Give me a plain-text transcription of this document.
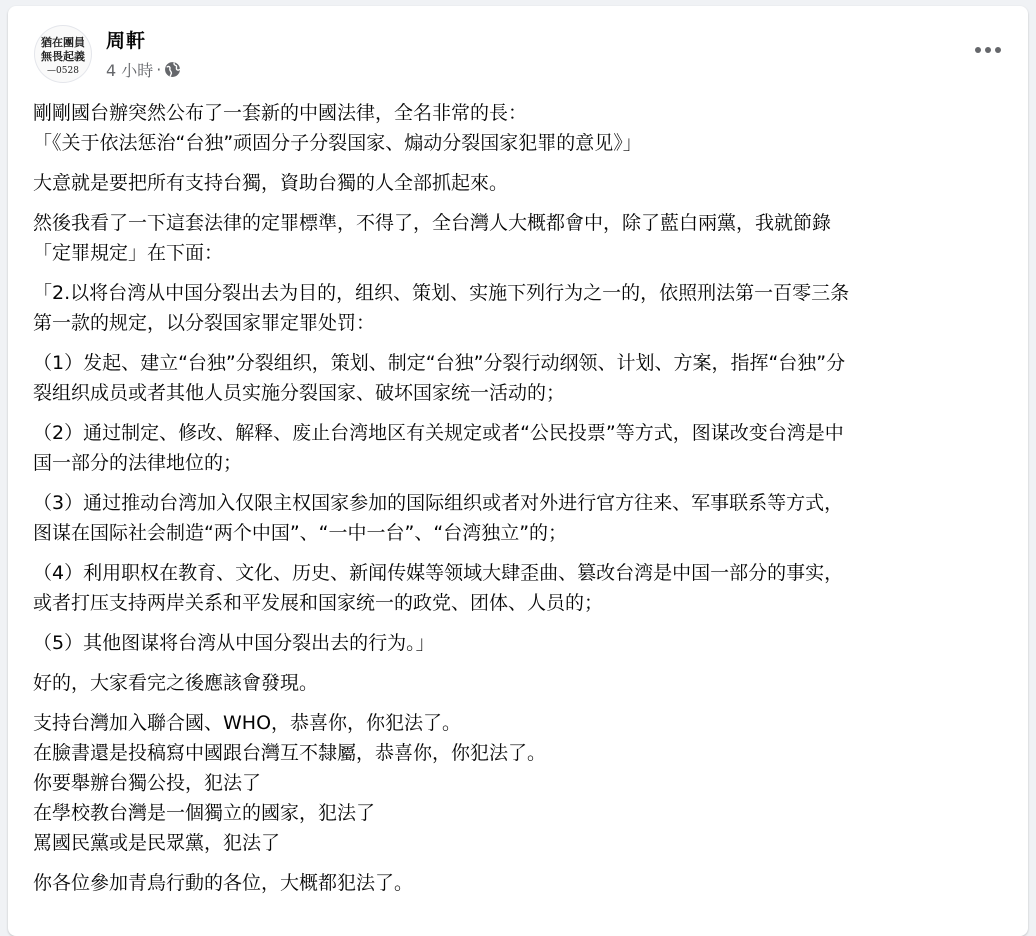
猶在團員
無畏起義
—0528
周軒
4 小時 ·
剛剛國台辦突然公布了一套新的中國法律，全名非常的長：
「《关于依法惩治“台独”顽固分子分裂国家、煽动分裂国家犯罪的意见》」
大意就是要把所有支持台獨，資助台獨的人全部抓起來。
然後我看了一下這套法律的定罪標準，不得了，全台灣人大概都會中，除了藍白兩黨，我就節錄
「定罪規定」在下面：
「2.以将台湾从中国分裂出去为目的，组织、策划、实施下列行为之一的，依照刑法第一百零三条
第一款的规定，以分裂国家罪定罪处罚：
（1）发起、建立“台独”分裂组织，策划、制定“台独”分裂行动纲领、计划、方案，指挥“台独”分
裂组织成员或者其他人员实施分裂国家、破坏国家统一活动的；
（2）通过制定、修改、解释、废止台湾地区有关规定或者“公民投票”等方式，图谋改变台湾是中
国一部分的法律地位的；
（3）通过推动台湾加入仅限主权国家参加的国际组织或者对外进行官方往来、军事联系等方式，
图谋在国际社会制造“两个中国”、“一中一台”、“台湾独立”的；
（4）利用职权在教育、文化、历史、新闻传媒等领域大肆歪曲、篡改台湾是中国一部分的事实，
或者打压支持两岸关系和平发展和国家统一的政党、团体、人员的；
（5）其他图谋将台湾从中国分裂出去的行为。」
好的，大家看完之後應該會發現。
支持台灣加入聯合國、WHO，恭喜你，你犯法了。
在臉書還是投稿寫中國跟台灣互不隸屬，恭喜你，你犯法了。
你要舉辦台獨公投，犯法了
在學校教台灣是一個獨立的國家，犯法了
罵國民黨或是民眾黨，犯法了
你各位參加青鳥行動的各位，大概都犯法了。
